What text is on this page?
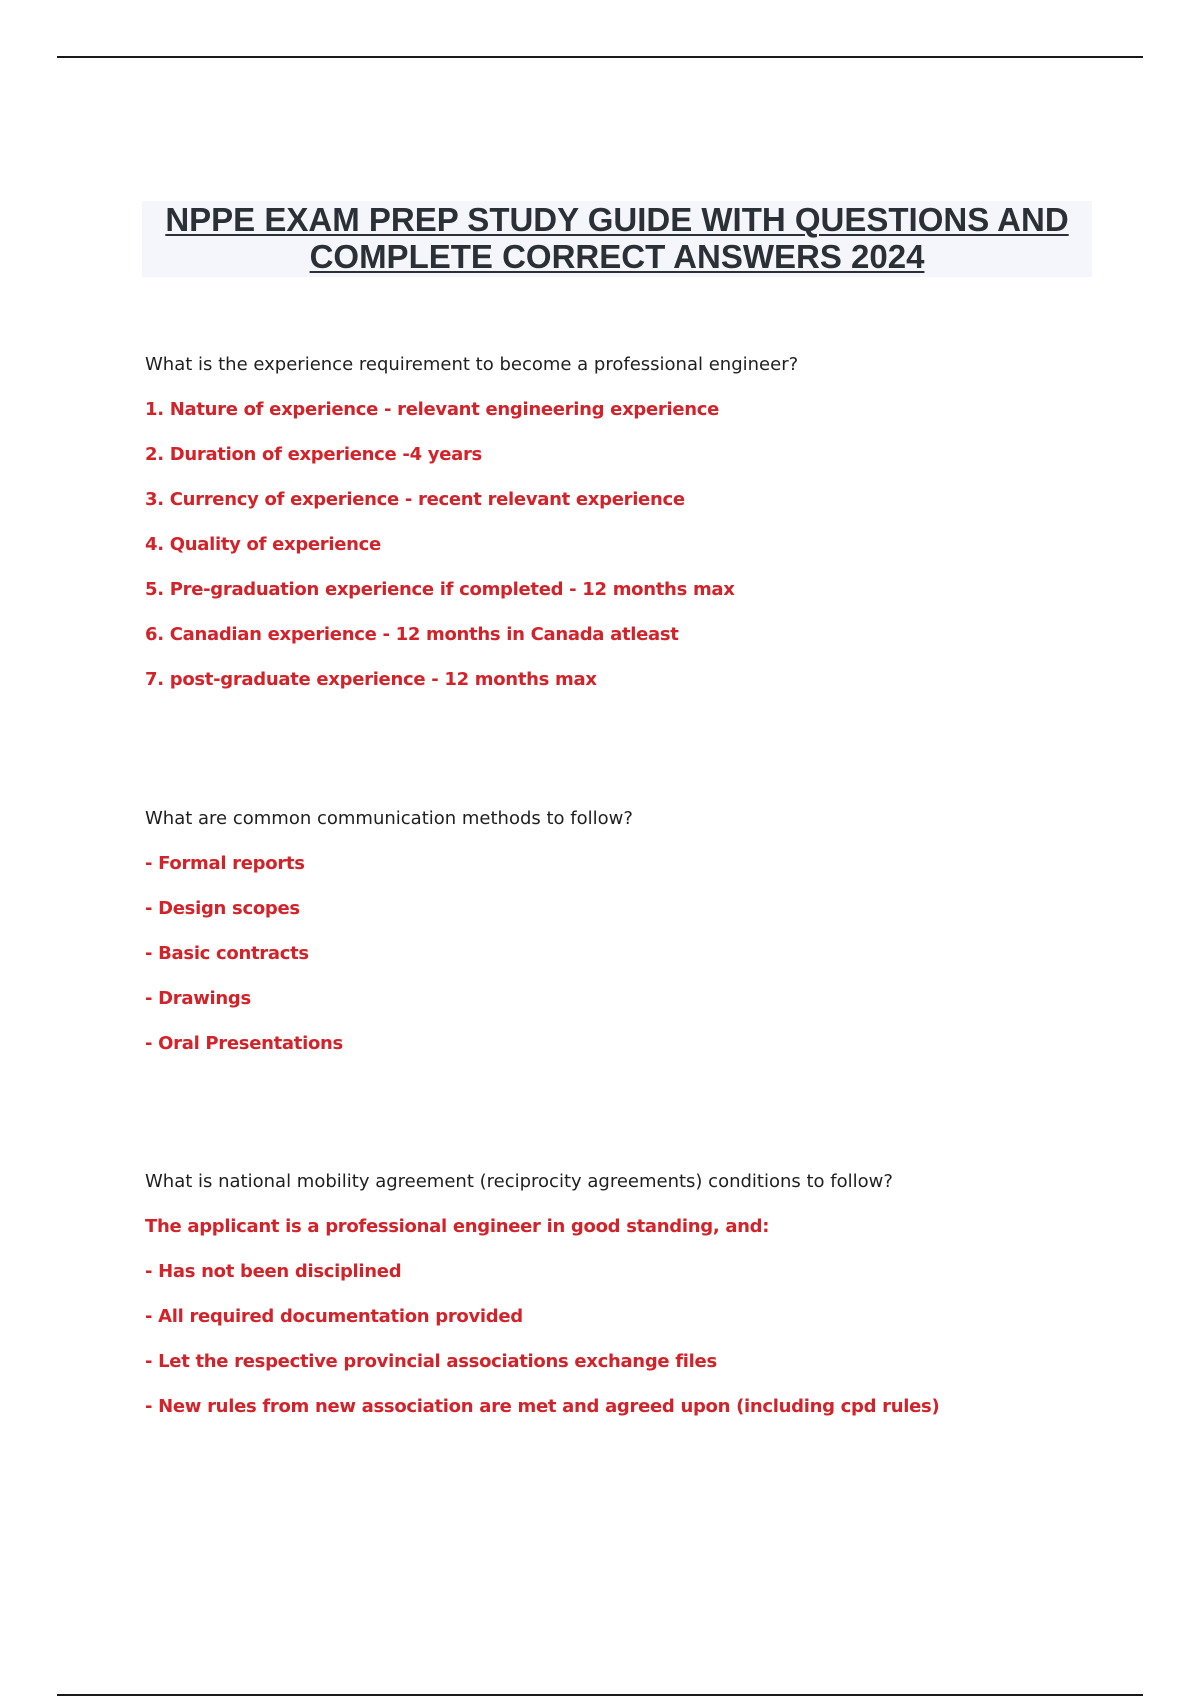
NPPE EXAM PREP STUDY GUIDE WITH QUESTIONS AND

COMPLETE CORRECT ANSWERS 2024

What is the experience requirement to become a professional engineer?

1. Nature of experience - relevant engineering experience

2. Duration of experience -4 years

3. Currency of experience - recent relevant experience

4. Quality of experience

5. Pre-graduation experience if completed - 12 months max

6. Canadian experience - 12 months in Canada atleast

7. post-graduate experience - 12 months max

What are common communication methods to follow?

- Formal reports

- Design scopes

- Basic contracts

- Drawings

- Oral Presentations

What is national mobility agreement (reciprocity agreements) conditions to follow?

The applicant is a professional engineer in good standing, and:

- Has not been disciplined

- All required documentation provided

- Let the respective provincial associations exchange files

- New rules from new association are met and agreed upon (including cpd rules)
